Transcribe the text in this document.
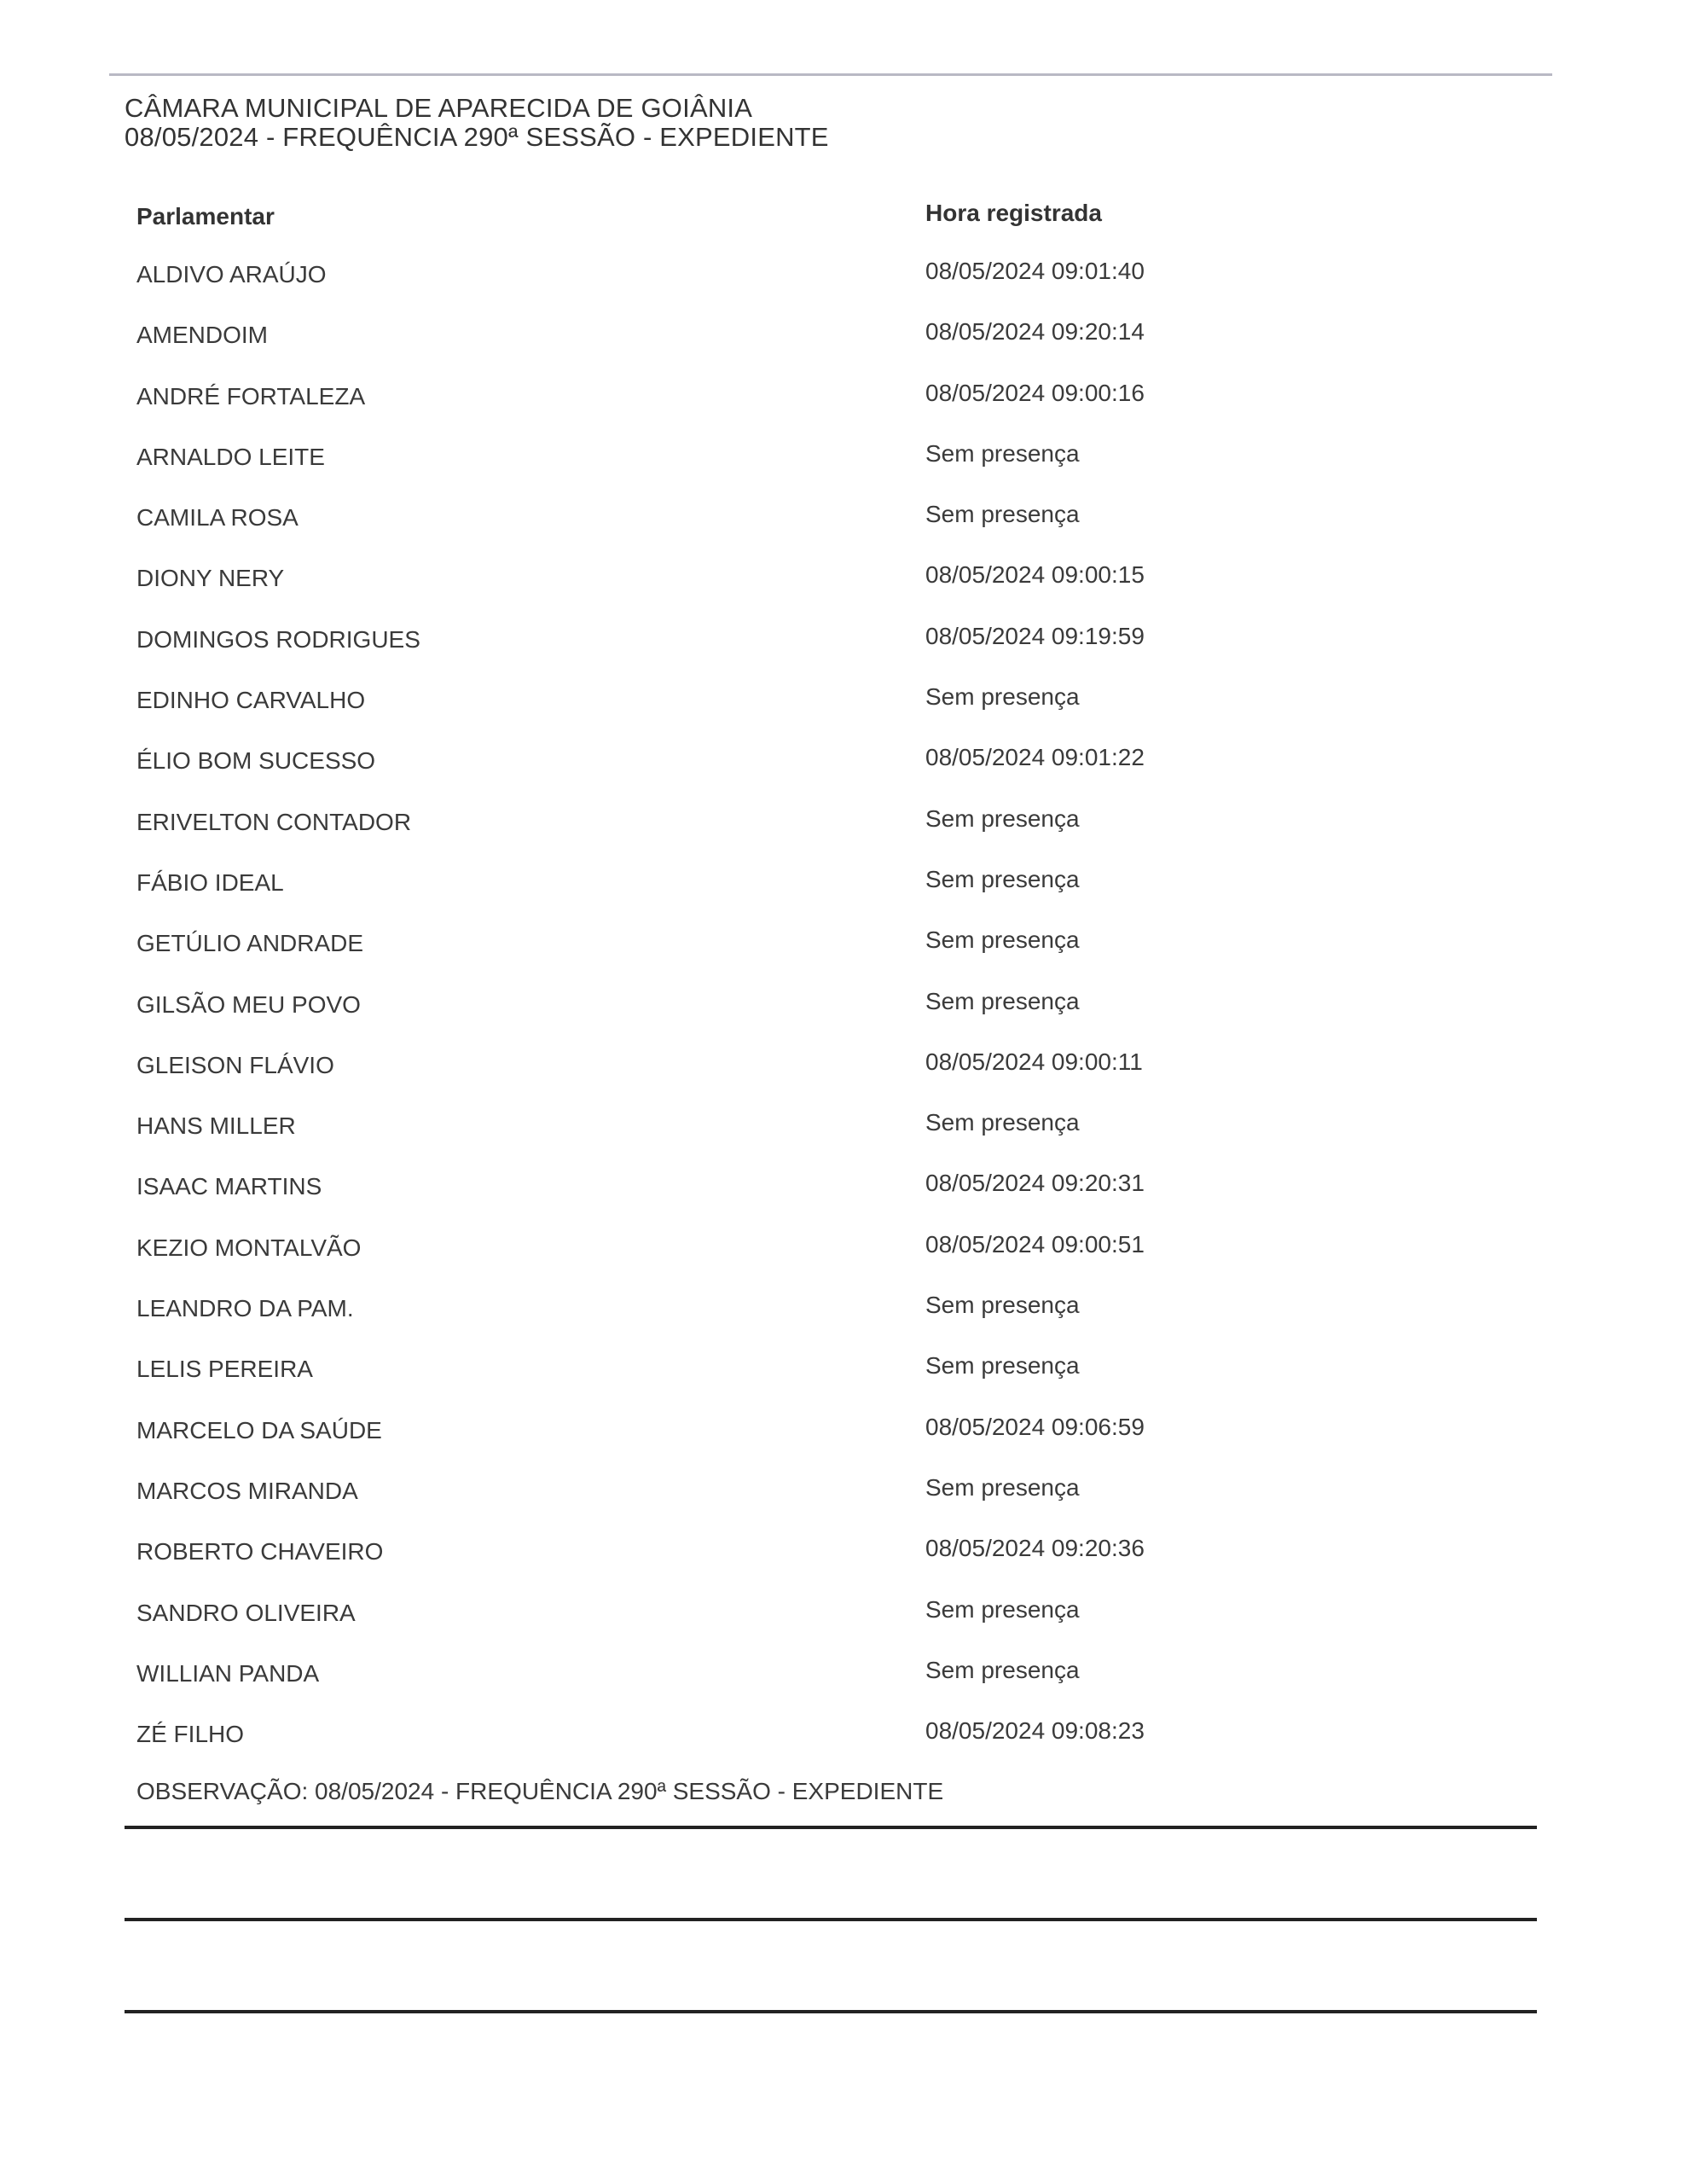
CÂMARA MUNICIPAL DE APARECIDA DE GOIÂNIA
08/05/2024 - FREQUÊNCIA 290ª SESSÃO - EXPEDIENTE
Parlamentar	Hora registrada
ALDIVO ARAÚJO	08/05/2024 09:01:40
AMENDOIM	08/05/2024 09:20:14
ANDRÉ FORTALEZA	08/05/2024 09:00:16
ARNALDO LEITE	Sem presença
CAMILA ROSA	Sem presença
DIONY NERY	08/05/2024 09:00:15
DOMINGOS RODRIGUES	08/05/2024 09:19:59
EDINHO CARVALHO	Sem presença
ÉLIO BOM SUCESSO	08/05/2024 09:01:22
ERIVELTON CONTADOR	Sem presença
FÁBIO IDEAL	Sem presença
GETÚLIO ANDRADE	Sem presença
GILSÃO MEU POVO	Sem presença
GLEISON FLÁVIO	08/05/2024 09:00:11
HANS MILLER	Sem presença
ISAAC MARTINS	08/05/2024 09:20:31
KEZIO MONTALVÃO	08/05/2024 09:00:51
LEANDRO DA PAM.	Sem presença
LELIS PEREIRA	Sem presença
MARCELO DA SAÚDE	08/05/2024 09:06:59
MARCOS MIRANDA	Sem presença
ROBERTO CHAVEIRO	08/05/2024 09:20:36
SANDRO OLIVEIRA	Sem presença
WILLIAN PANDA	Sem presença
ZÉ FILHO	08/05/2024 09:08:23
OBSERVAÇÃO: 08/05/2024 - FREQUÊNCIA 290ª SESSÃO - EXPEDIENTE
